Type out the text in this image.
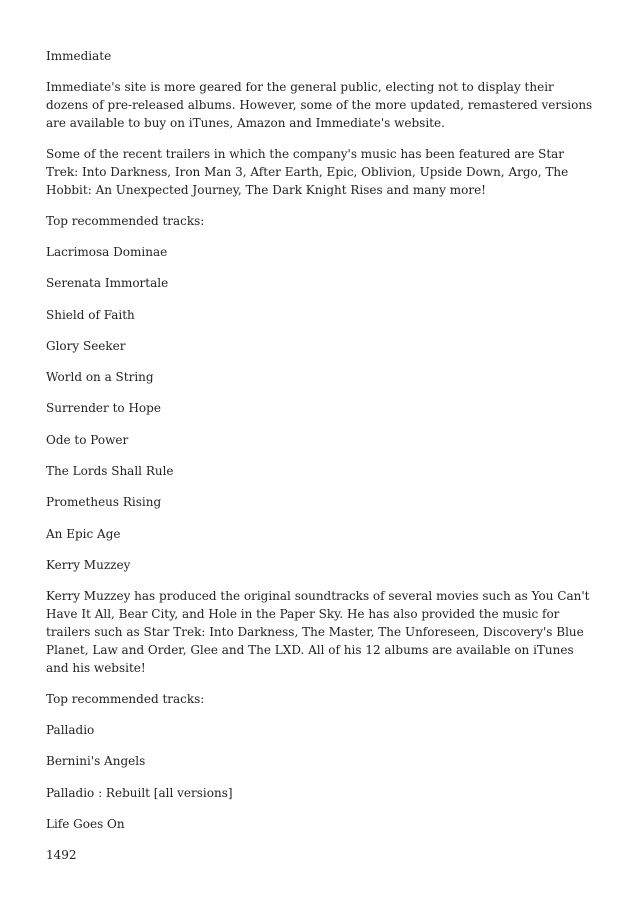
Immediate

Immediate's site is more geared for the general public, electing not to display their dozens of pre-released albums. However, some of the more updated, remastered versions are available to buy on iTunes, Amazon and Immediate's website.

Some of the recent trailers in which the company's music has been featured are Star Trek: Into Darkness, Iron Man 3, After Earth, Epic, Oblivion, Upside Down, Argo, The Hobbit: An Unexpected Journey, The Dark Knight Rises and many more!

Top recommended tracks:

Lacrimosa Dominae

Serenata Immortale

Shield of Faith

Glory Seeker

World on a String

Surrender to Hope

Ode to Power

The Lords Shall Rule

Prometheus Rising

An Epic Age

Kerry Muzzey

Kerry Muzzey has produced the original soundtracks of several movies such as You Can't Have It All, Bear City, and Hole in the Paper Sky. He has also provided the music for trailers such as Star Trek: Into Darkness, The Master, The Unforeseen, Discovery's Blue Planet, Law and Order, Glee and The LXD. All of his 12 albums are available on iTunes and his website!

Top recommended tracks:

Palladio

Bernini's Angels

Palladio : Rebuilt [all versions]

Life Goes On

1492
